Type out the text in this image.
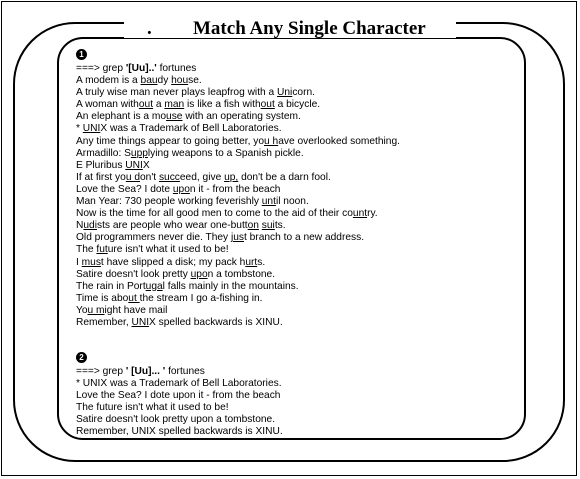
. Match Any Single Character
1
===> grep '[Uu]..' fortunes
A modem is a baudy house.
A truly wise man never plays leapfrog with a Unicorn.
A woman without a man is like a fish without a bicycle.
An elephant is a mouse with an operating system.
* UNIX was a Trademark of Bell Laboratories.
Any time things appear to going better, you have overlooked something.
Armadillo: Supplying weapons to a Spanish pickle.
E Pluribus UNIX
If at first you don't succeed, give up, don't be a darn fool.
Love the Sea? I dote upon it - from the beach
Man Year: 730 people working feverishly until noon.
Now is the time for all good men to come to the aid of their country.
Nudists are people who wear one-button suits.
Old programmers never die. They just branch to a new address.
The future isn't what it used to be!
I must have slipped a disk; my pack hurts.
Satire doesn't look pretty upon a tombstone.
The rain in Portugal falls mainly in the mountains.
Time is about the stream I go a-fishing in.
You might have mail
Remember, UNIX spelled backwards is XINU.
2
===> grep ' [Uu]... ' fortunes
* UNIX was a Trademark of Bell Laboratories.
Love the Sea? I dote upon it - from the beach
The future isn't what it used to be!
Satire doesn't look pretty upon a tombstone.
Remember, UNIX spelled backwards is XINU.
